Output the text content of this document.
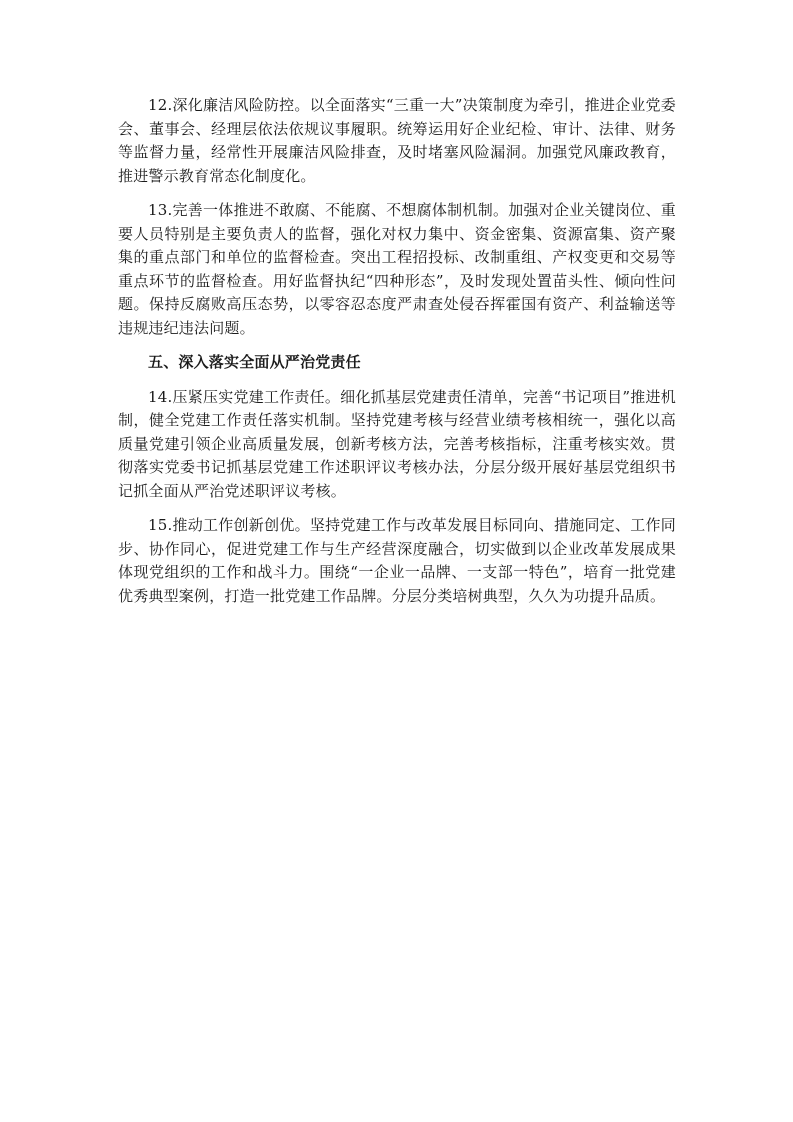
12.深化廉洁风险防控。以全面落实“三重一大”决策制度为牵引，推进企业党委会、董事会、经理层依法依规议事履职。统筹运用好企业纪检、审计、法律、财务等监督力量，经常性开展廉洁风险排查，及时堵塞风险漏洞。加强党风廉政教育，推进警示教育常态化制度化。

13.完善一体推进不敢腐、不能腐、不想腐体制机制。加强对企业关键岗位、重要人员特别是主要负责人的监督，强化对权力集中、资金密集、资源富集、资产聚集的重点部门和单位的监督检查。突出工程招投标、改制重组、产权变更和交易等重点环节的监督检查。用好监督执纪“四种形态”，及时发现处置苗头性、倾向性问题。保持反腐败高压态势，以零容忍态度严肃查处侵吞挥霍国有资产、利益输送等违规违纪违法问题。

五、深入落实全面从严治党责任

14.压紧压实党建工作责任。细化抓基层党建责任清单，完善“书记项目”推进机制，健全党建工作责任落实机制。坚持党建考核与经营业绩考核相统一，强化以高质量党建引领企业高质量发展，创新考核方法，完善考核指标，注重考核实效。贯彻落实党委书记抓基层党建工作述职评议考核办法，分层分级开展好基层党组织书记抓全面从严治党述职评议考核。

15.推动工作创新创优。坚持党建工作与改革发展目标同向、措施同定、工作同步、协作同心，促进党建工作与生产经营深度融合，切实做到以企业改革发展成果体现党组织的工作和战斗力。围绕“一企业一品牌、一支部一特色”，培育一批党建优秀典型案例，打造一批党建工作品牌。分层分类培树典型，久久为功提升品质。
